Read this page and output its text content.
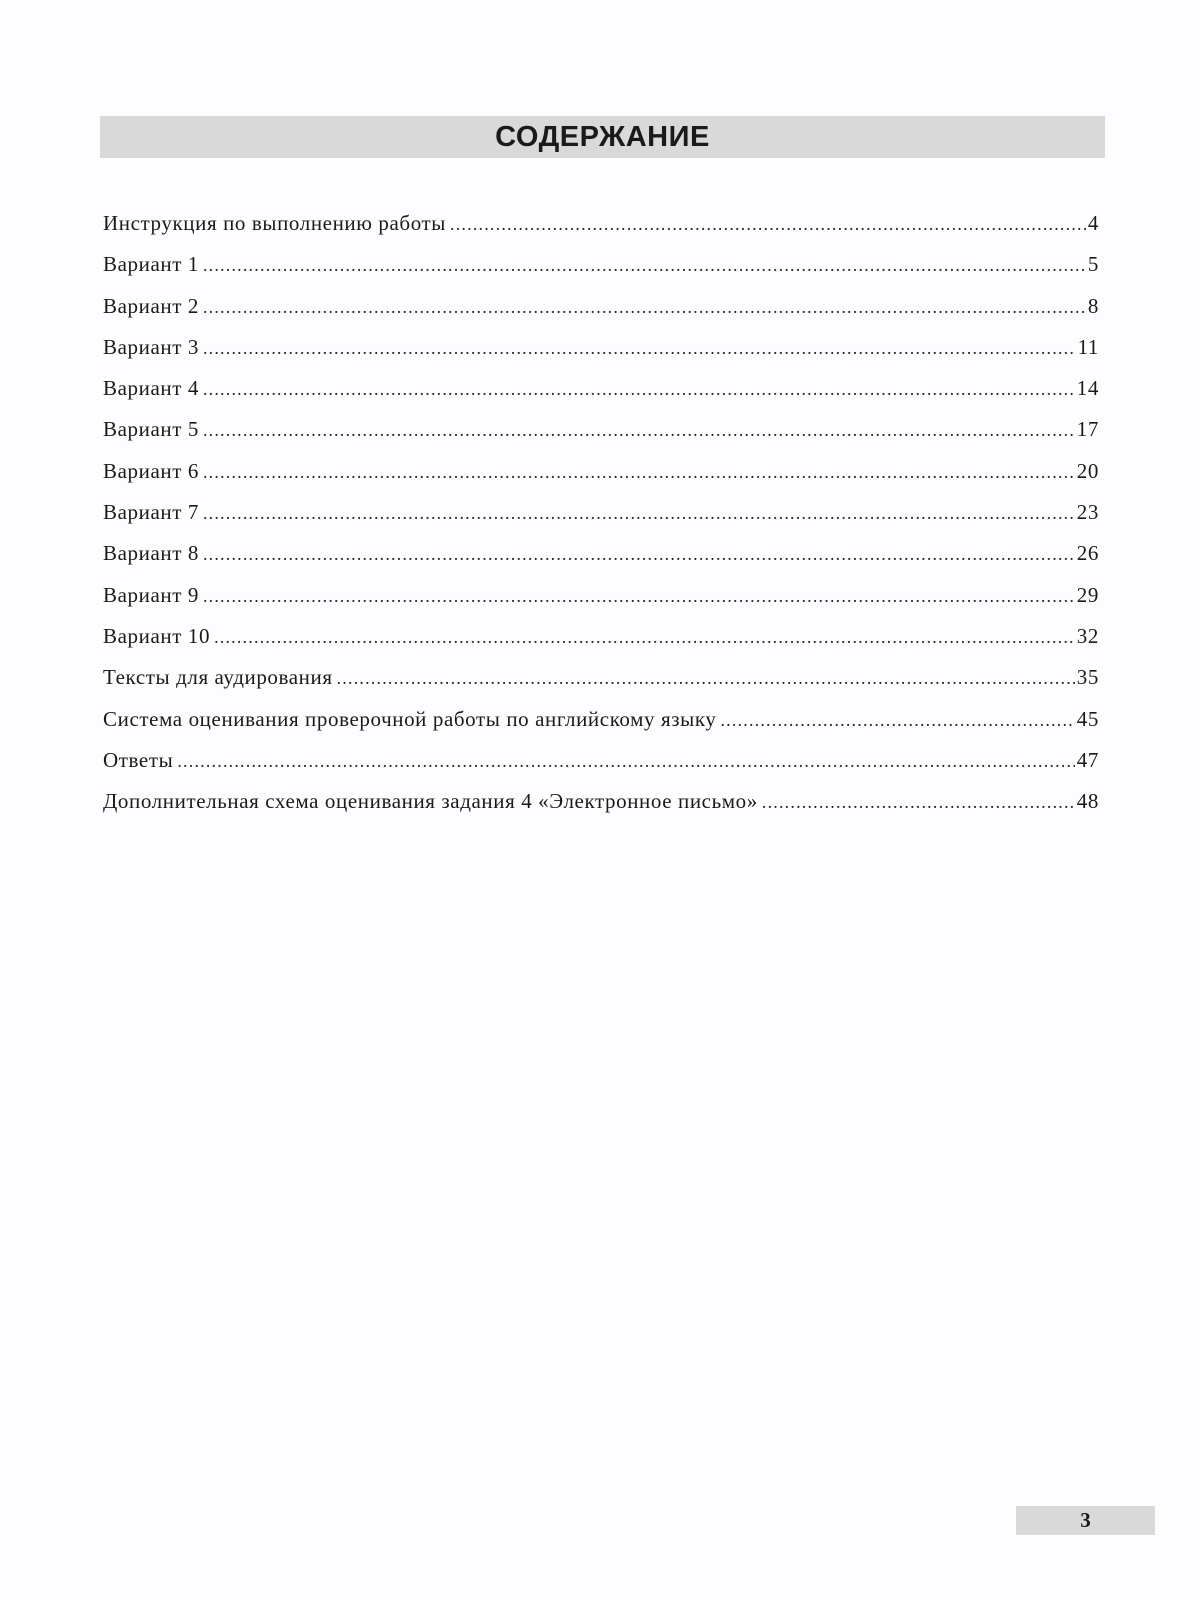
СОДЕРЖАНИЕ
Инструкция по выполнению работы .....	4
Вариант 1 .....	5
Вариант 2 .....	8
Вариант 3 .....	11
Вариант 4 .....	14
Вариант 5 .....	17
Вариант 6 .....	20
Вариант 7 .....	23
Вариант 8 .....	26
Вариант 9 .....	29
Вариант 10 .....	32
Тексты для аудирования .....	35
Система оценивания проверочной работы по английскому языку .....	45
Ответы .....	47
Дополнительная схема оценивания задания 4 «Электронное письмо» .....	48
3
